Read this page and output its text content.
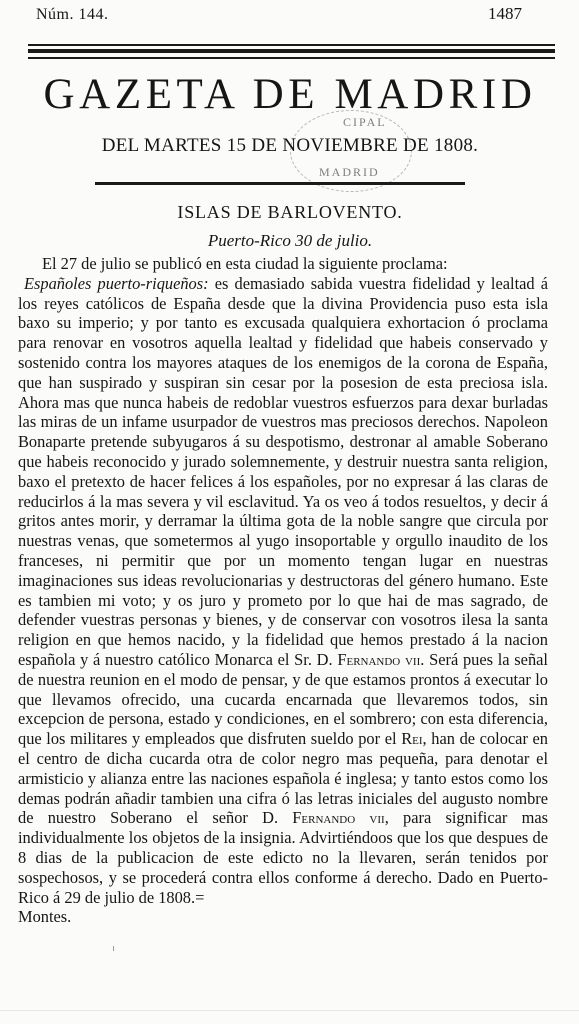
Núm. 144.	1487
GAZETA DE MADRID
CIPAL
MADRID
DEL MARTES 15 DE NOVIEMBRE DE 1808.
ISLAS DE BARLOVENTO.
Puerto-Rico 30 de julio.

El 27 de julio se publicó en esta ciudad la siguiente proclama:

Españoles puerto-riqueños: es demasiado sabida vuestra fidelidad y lealtad á los reyes católicos de España desde que la divina Providencia puso esta isla baxo su imperio; y por tanto es excusada qualquiera exhortacion ó proclama para renovar en vosotros aquella lealtad y fidelidad que habeis conservado y sostenido contra los mayores ataques de los enemigos de la corona de España, que han suspirado y suspiran sin cesar por la posesion de esta preciosa isla. Ahora mas que nunca habeis de redoblar vuestros esfuerzos para dexar burladas las miras de un infame usurpador de vuestros mas preciosos derechos. Napoleon Bonaparte pretende subyugaros á su despotismo, destronar al amable Soberano que habeis reconocido y jurado solemnemente, y destruir nuestra santa religion, baxo el pretexto de hacer felices á los españoles, por no expresar á las claras de reducirlos á la mas severa y vil esclavitud. Ya os veo á todos resueltos, y decir á gritos antes morir, y derramar la última gota de la noble sangre que circula por nuestras venas, que sometermos al yugo insoportable y orgullo inaudito de los franceses, ni permitir que por un momento tengan lugar en nuestras imaginaciones sus ideas revolucionarias y destructoras del género humano. Este es tambien mi voto; y os juro y prometo por lo que hai de mas sagrado, de defender vuestras personas y bienes, y de conservar con vosotros ilesa la santa religion en que hemos nacido, y la fidelidad que hemos prestado á la nacion española y á nuestro católico Monarca el Sr. D. Fernando vii. Será pues la señal de nuestra reunion en el modo de pensar, y de que estamos prontos á executar lo que llevamos ofrecido, una cucarda encarnada que llevaremos todos, sin excepcion de persona, estado y condiciones, en el sombrero; con esta diferencia, que los militares y empleados que disfruten sueldo por el Rei, han de colocar en el centro de dicha cucarda otra de color negro mas pequeña, para denotar el armisticio y alianza entre las naciones española é inglesa; y tanto estos como los demas podrán añadir tambien una cifra ó las letras iniciales del augusto nombre de nuestro Soberano el señor D. Fernando vii, para significar mas individualmente los objetos de la insignia. Advirtiéndoos que los que despues de 8 dias de la publicacion de este edicto no la llevaren, serán tenidos por sospechosos, y se procederá contra ellos conforme á derecho. Dado en Puerto-Rico á 29 de julio de 1808.=

Montes.
